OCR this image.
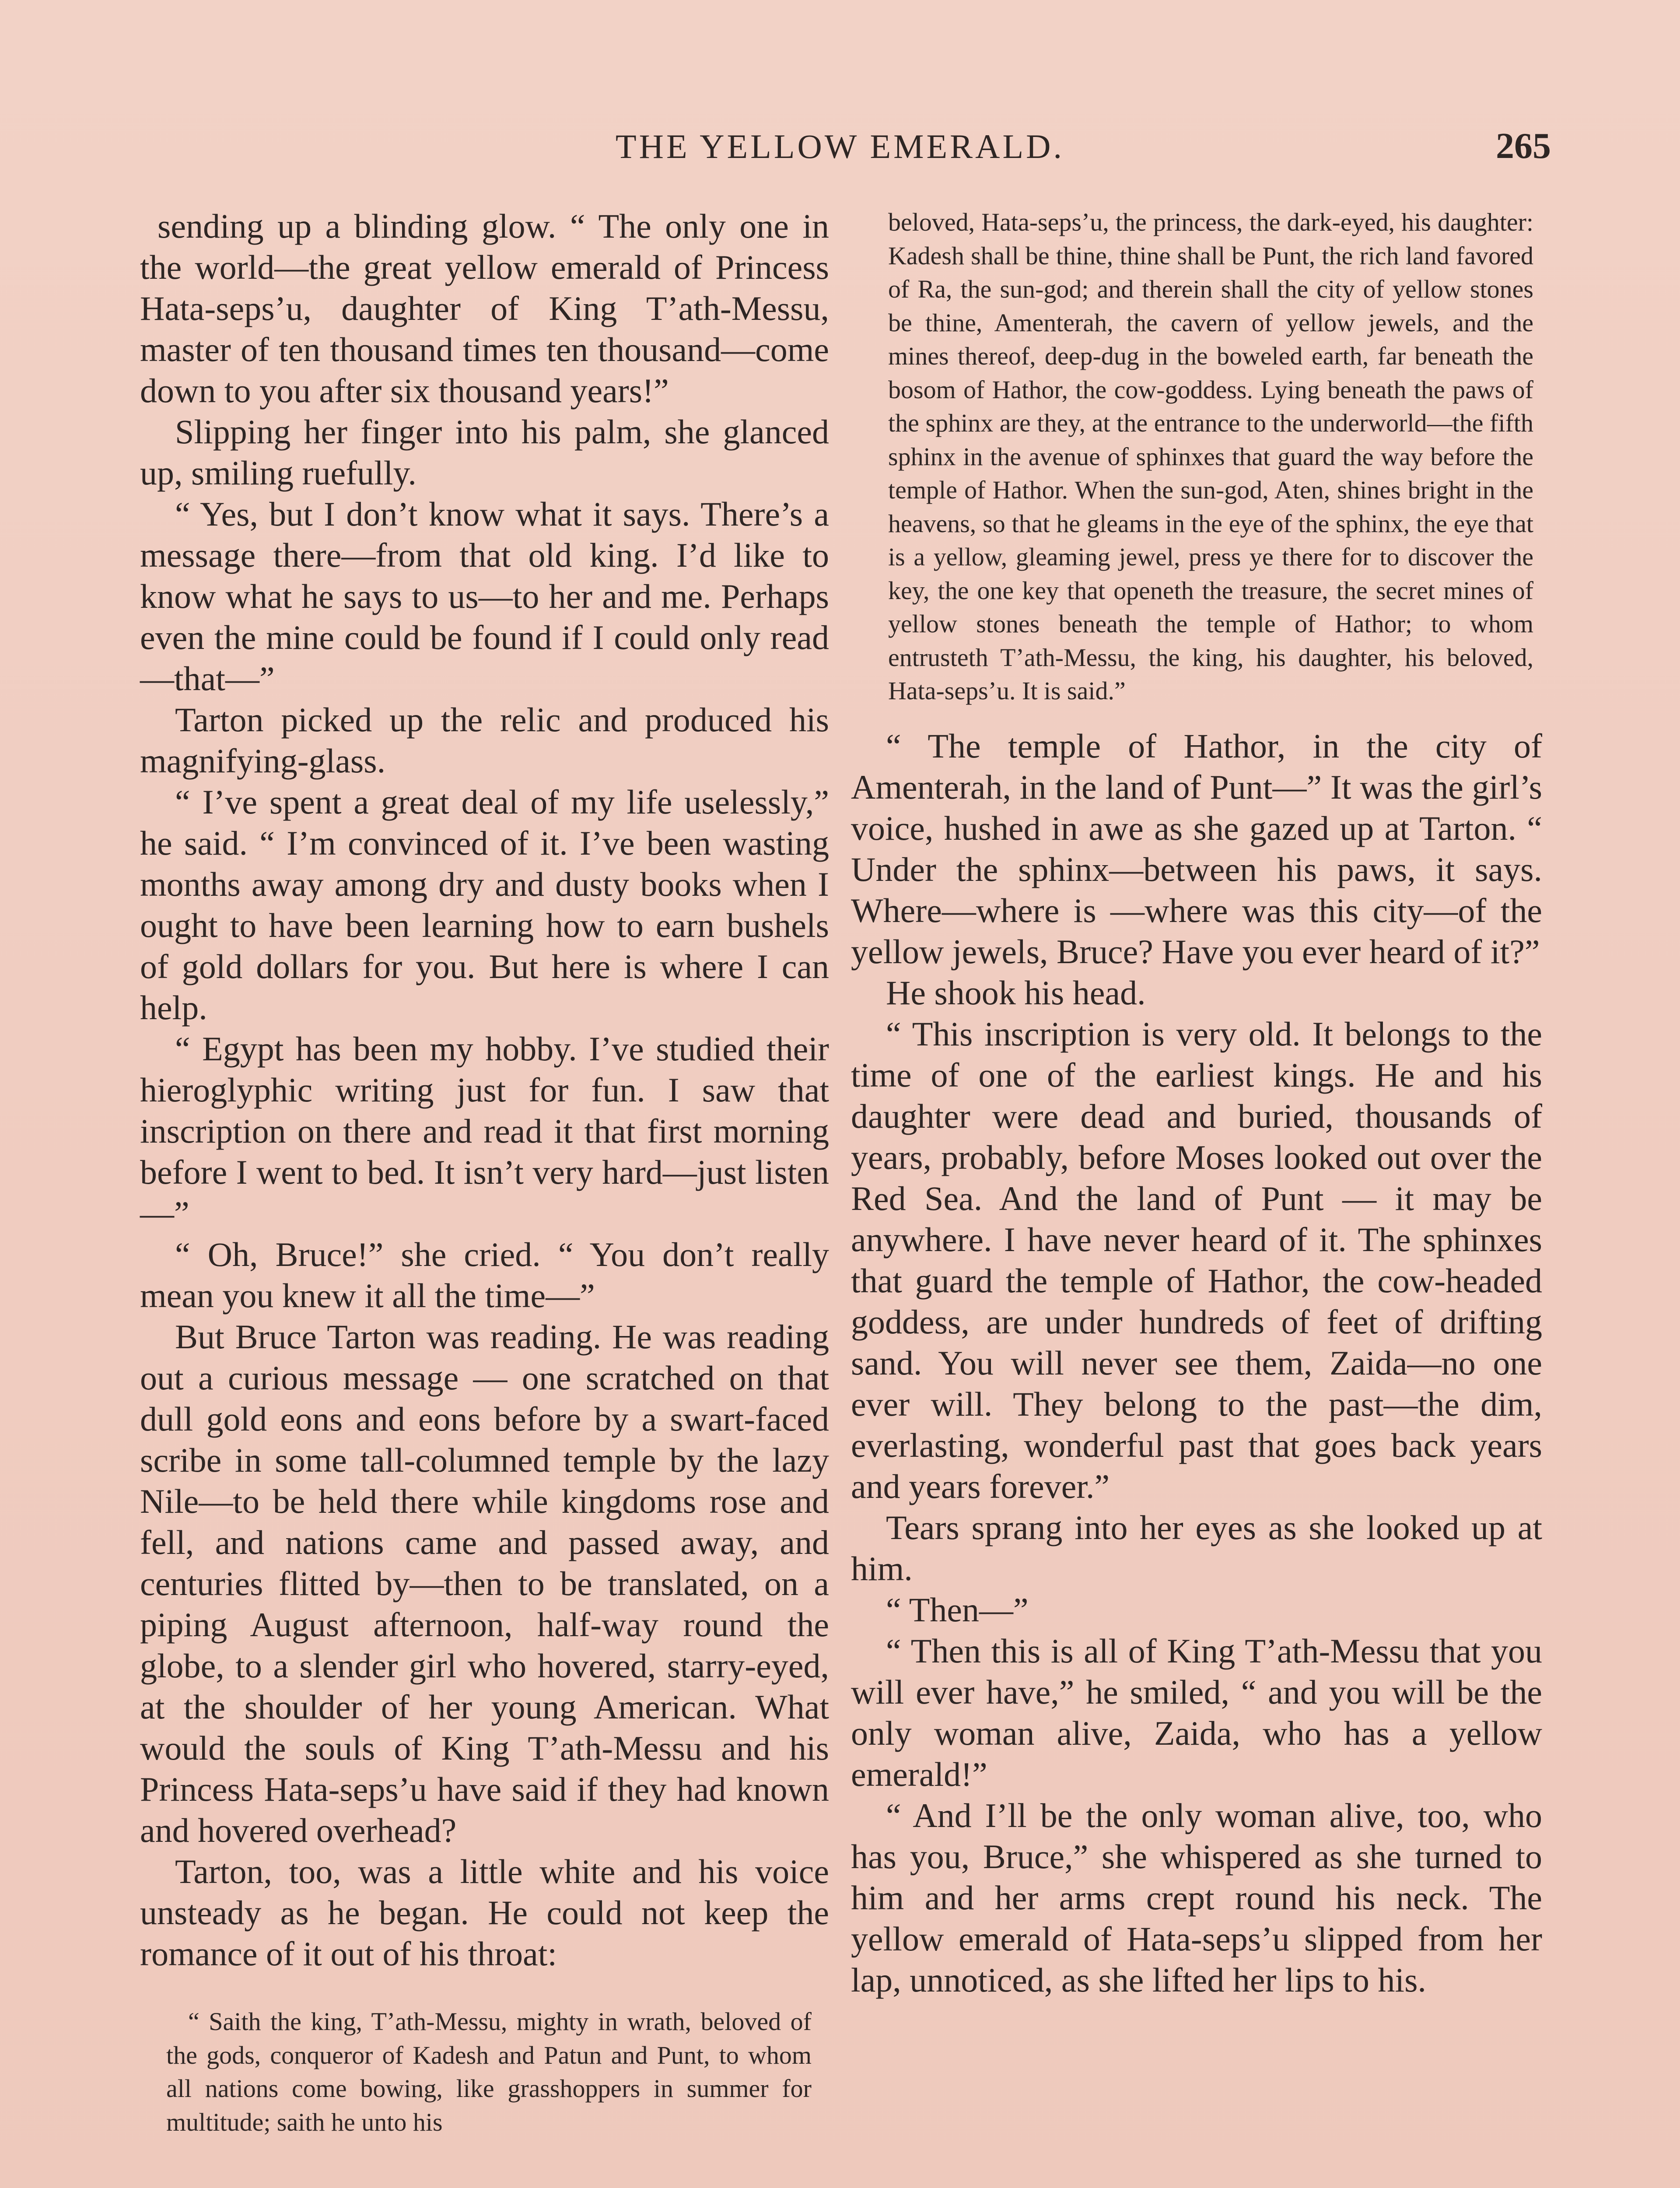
THE YELLOW EMERALD.	265

sending up a blinding glow. “ The only one in the world—the great yellow emerald of Princess Hata-seps’u, daughter of King T’ath-Messu, master of ten thousand times ten thousand—come down to you after six thousand years!”

Slipping her finger into his palm, she glanced up, smiling ruefully.

“ Yes, but I don’t know what it says. There’s a message there—from that old king. I’d like to know what he says to us—to her and me. Perhaps even the mine could be found if I could only read—that—”

Tarton picked up the relic and produced his magnifying-glass.

“ I’ve spent a great deal of my life uselessly,” he said. “ I’m convinced of it. I’ve been wasting months away among dry and dusty books when I ought to have been learning how to earn bushels of gold dollars for you. But here is where I can help.

“ Egypt has been my hobby. I’ve studied their hieroglyphic writing just for fun. I saw that inscription on there and read it that first morning before I went to bed. It isn’t very hard—just listen—”

“ Oh, Bruce!” she cried. “ You don’t really mean you knew it all the time—”

But Bruce Tarton was reading. He was reading out a curious message — one scratched on that dull gold eons and eons before by a swart-faced scribe in some tall-columned temple by the lazy Nile—to be held there while kingdoms rose and fell, and nations came and passed away, and centuries flitted by—then to be translated, on a piping August afternoon, half-way round the globe, to a slender girl who hovered, starry-eyed, at the shoulder of her young American. What would the souls of King T’ath-Messu and his Princess Hata-seps’u have said if they had known and hovered overhead?

Tarton, too, was a little white and his voice unsteady as he began. He could not keep the romance of it out of his throat:

“ Saith the king, T’ath-Messu, mighty in wrath, beloved of the gods, conqueror of Kadesh and Patun and Punt, to whom all nations come bowing, like grasshoppers in summer for multitude; saith he unto his

beloved, Hata-seps’u, the princess, the dark-eyed, his daughter: Kadesh shall be thine, thine shall be Punt, the rich land favored of Ra, the sun-god; and therein shall the city of yellow stones be thine, Amenterah, the cavern of yellow jewels, and the mines thereof, deep-dug in the boweled earth, far beneath the bosom of Hathor, the cow-goddess. Lying beneath the paws of the sphinx are they, at the entrance to the underworld—the fifth sphinx in the avenue of sphinxes that guard the way before the temple of Hathor. When the sun-god, Aten, shines bright in the heavens, so that he gleams in the eye of the sphinx, the eye that is a yellow, gleaming jewel, press ye there for to discover the key, the one key that openeth the treasure, the secret mines of yellow stones beneath the temple of Hathor; to whom entrusteth T’ath-Messu, the king, his daughter, his beloved, Hata-seps’u. It is said.”

“ The temple of Hathor, in the city of Amenterah, in the land of Punt—” It was the girl’s voice, hushed in awe as she gazed up at Tarton. “ Under the sphinx—between his paws, it says. Where—where is —where was this city—of the yellow jewels, Bruce? Have you ever heard of it?”

He shook his head.

“ This inscription is very old. It belongs to the time of one of the earliest kings. He and his daughter were dead and buried, thousands of years, probably, before Moses looked out over the Red Sea. And the land of Punt — it may be anywhere. I have never heard of it. The sphinxes that guard the temple of Hathor, the cow-headed goddess, are under hundreds of feet of drifting sand. You will never see them, Zaida—no one ever will. They belong to the past—the dim, everlasting, wonderful past that goes back years and years forever.”

Tears sprang into her eyes as she looked up at him.

“ Then—”

“ Then this is all of King T’ath-Messu that you will ever have,” he smiled, “ and you will be the only woman alive, Zaida, who has a yellow emerald!”

“ And I’ll be the only woman alive, too, who has you, Bruce,” she whispered as she turned to him and her arms crept round his neck. The yellow emerald of Hata-seps’u slipped from her lap, unnoticed, as she lifted her lips to his.
